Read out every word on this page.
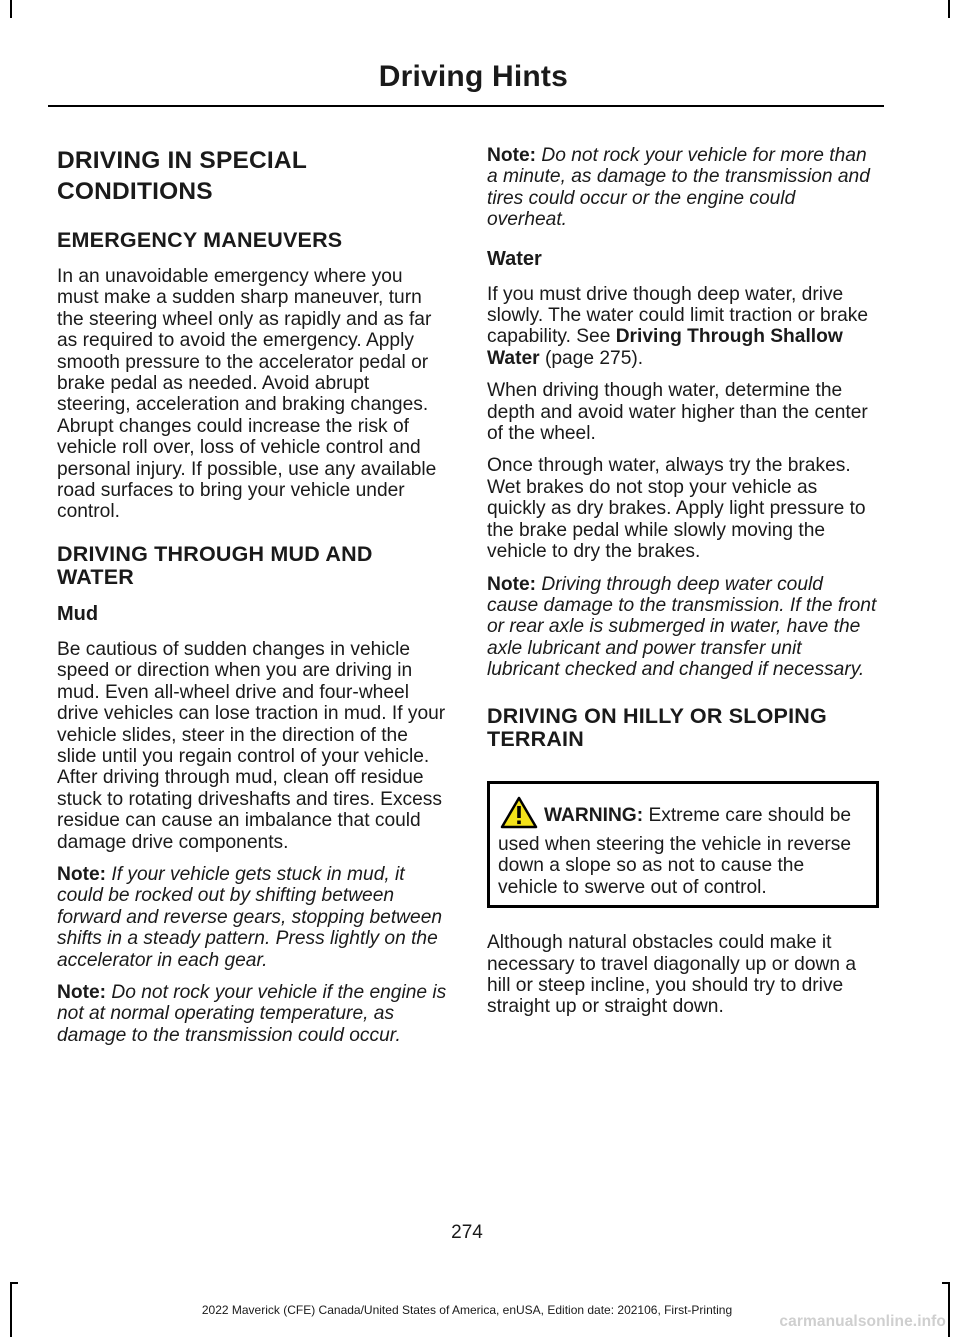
Driving Hints
DRIVING IN SPECIAL CONDITIONS
EMERGENCY MANEUVERS

In an unavoidable emergency where you must make a sudden sharp maneuver, turn the steering wheel only as rapidly and as far as required to avoid the emergency. Apply smooth pressure to the accelerator pedal or brake pedal as needed. Avoid abrupt steering, acceleration and braking changes. Abrupt changes could increase the risk of vehicle roll over, loss of vehicle control and personal injury. If possible, use any available road surfaces to bring your vehicle under control.

DRIVING THROUGH MUD AND WATER
Mud

Be cautious of sudden changes in vehicle speed or direction when you are driving in mud. Even all-wheel drive and four-wheel drive vehicles can lose traction in mud. If your vehicle slides, steer in the direction of the slide until you regain control of your vehicle. After driving through mud, clean off residue stuck to rotating driveshafts and tires. Excess residue can cause an imbalance that could damage drive components.

Note: If your vehicle gets stuck in mud, it could be rocked out by shifting between forward and reverse gears, stopping between shifts in a steady pattern. Press lightly on the accelerator in each gear.

Note: Do not rock your vehicle if the engine is not at normal operating temperature, as damage to the transmission could occur.

Note: Do not rock your vehicle for more than a minute, as damage to the transmission and tires could occur or the engine could overheat.

Water

If you must drive though deep water, drive slowly. The water could limit traction or brake capability. See Driving Through Shallow Water (page 275).

When driving though water, determine the depth and avoid water higher than the center of the wheel.

Once through water, always try the brakes. Wet brakes do not stop your vehicle as quickly as dry brakes. Apply light pressure to the brake pedal while slowly moving the vehicle to dry the brakes.

Note: Driving through deep water could cause damage to the transmission. If the front or rear axle is submerged in water, have the axle lubricant and power transfer unit lubricant checked and changed if necessary.

DRIVING ON HILLY OR SLOPING TERRAIN
WARNING: Extreme care should be used when steering the vehicle in reverse down a slope so as not to cause the vehicle to swerve out of control.

Although natural obstacles could make it necessary to travel diagonally up or down a hill or steep incline, you should try to drive straight up or straight down.

274
2022 Maverick (CFE) Canada/United States of America, enUSA, Edition date: 202106, First-Printing
carmanualsonline.info
